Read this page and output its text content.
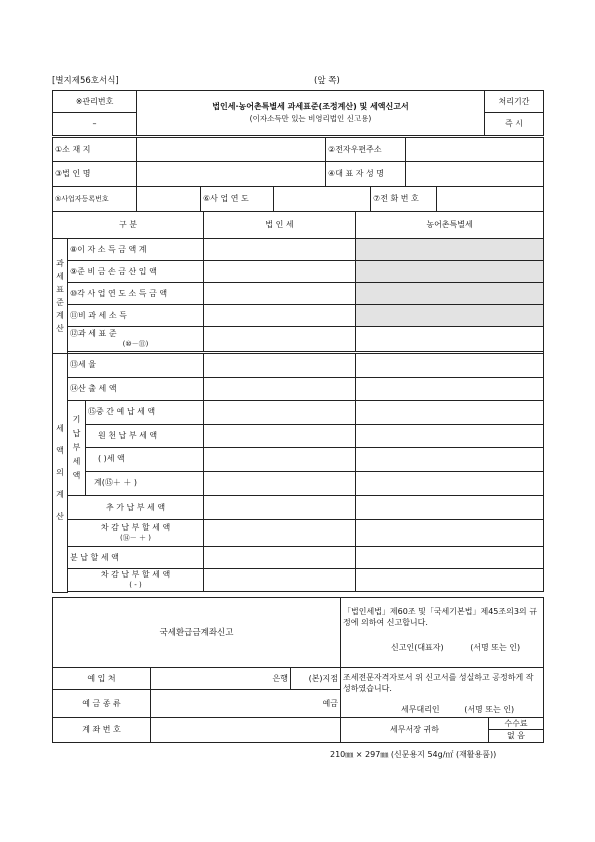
[별지제56호서식]	(앞 쪽)
※관리번호	법인세·농어촌특별세 과세표준(조정계산) 및 세액신고서
(이자소득만 있는 비영리법인 신고용)	처리기간
–		즉 시
①소 재 지				②전자우편주소			
③법 인 명				④대 표 자 성 명			
⑤사업자등록번호		⑥사 업 연 도			⑦전 화 번 호		
구 분			법 인 세	농어촌특별세
과세표준계산	⑧이 자 소 득 금 액 계			
	⑨준 비 금 손 금 산 입 액			
	⑩각 사 업 연 도 소 득 금 액			
	⑪비 과 세 소 득			

	⑫과 세 표 준
(⑩－⑪)			

세액의계산	⑬세 율			
	⑭산 출 세 액			
	기납부세액	⑮중 간 예 납 세 액		
		원 천 납 부 세 액		
		( )세 액		
		계(⑮＋ ＋ )		
	추 가 납 부 세 액			

	차 감 납 부 할 세 액
(⑭－ ＋ )			

	분 납 할 세 액			

	차 감 납 부 할 세 액
( - )			

국세환급금계좌신고			「법인세법」제60조 및「국세기본법」제45조의3의 규정에 의하여 신고합니다.
신고인(대표자) (서명 또는 인)	

예 입 처	은행	(본)지점	조세전문자격자로서 위 신고서를 성실하고 공정하게 작성하였습니다.
세무대리인 (서명 또는 인)	

예 금 종 류	예금			
계 좌 번 호			세무서장 귀하	수수료
없 음
210㎜ × 297㎜ (신문용지 54g/㎡ (재활용품))
